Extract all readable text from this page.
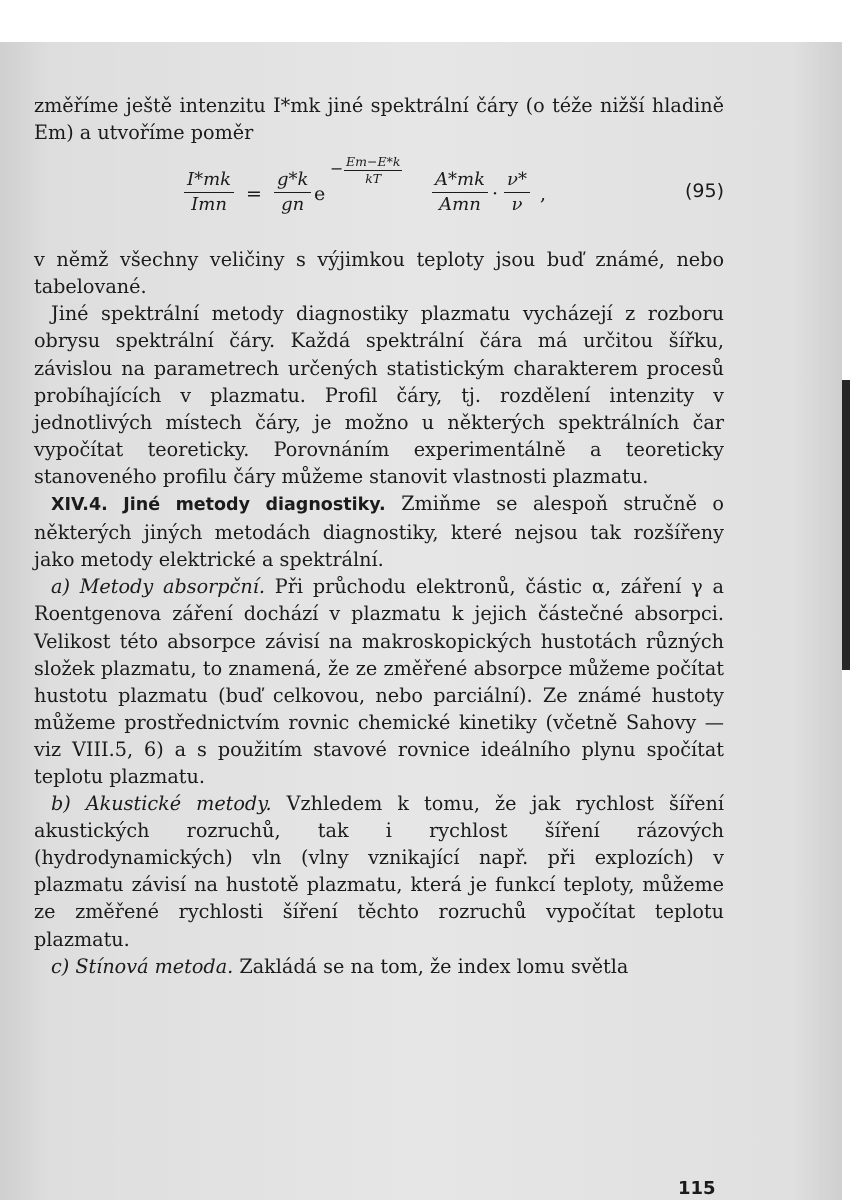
změříme ještě intenzitu I*mk jiné spektrální čáry (o téže nižší hladině Em) a utvoříme poměr

I*mk
Imn = $\frac{g*k}{gn}$ e
− Em−E*k
kT	A*mk
Amn · $\frac{\nu*}{\nu}$ ,	(95)

v němž všechny veličiny s výjimkou teploty jsou buď známé, nebo tabelované.

Jiné spektrální metody diagnostiky plazmatu vycházejí z rozboru obrysu spektrální čáry. Každá spektrální čára má určitou šířku, závislou na parametrech určených statistickým charakterem procesů probíhajících v plazmatu. Profil čáry, tj. rozdělení intenzity v jednotlivých místech čáry, je možno u některých spektrálních čar vypočítat teoreticky. Porovnáním experimentálně a teoreticky stanoveného profilu čáry můžeme stanovit vlastnosti plazmatu.

XIV.4. Jiné metody diagnostiky. Zmiňme se alespoň stručně o některých jiných metodách diagnostiky, které nejsou tak rozšířeny jako metody elektrické a spektrální.

a) Metody absorpční. Při průchodu elektronů, částic α, záření γ a Roentgenova záření dochází v plazmatu k jejich částečné absorpci. Velikost této absorpce závisí na makroskopických hustotách různých složek plazmatu, to znamená, že ze změřené absorpce můžeme počítat hustotu plazmatu (buď celkovou, nebo parciální). Ze známé hustoty můžeme prostřednictvím rovnic chemické kinetiky (včetně Sahovy — viz VIII.5, 6) a s použitím stavové rovnice ideálního plynu spočítat teplotu plazmatu.

b) Akustické metody. Vzhledem k tomu, že jak rychlost šíření akustických rozruchů, tak i rychlost šíření rázových (hydrodynamických) vln (vlny vznikající např. při explozích) v plazmatu závisí na hustotě plazmatu, která je funkcí teploty, můžeme ze změřené rychlosti šíření těchto rozruchů vypočítat teplotu plazmatu.

c) Stínová metoda. Zakládá se na tom, že index lomu světla

115
